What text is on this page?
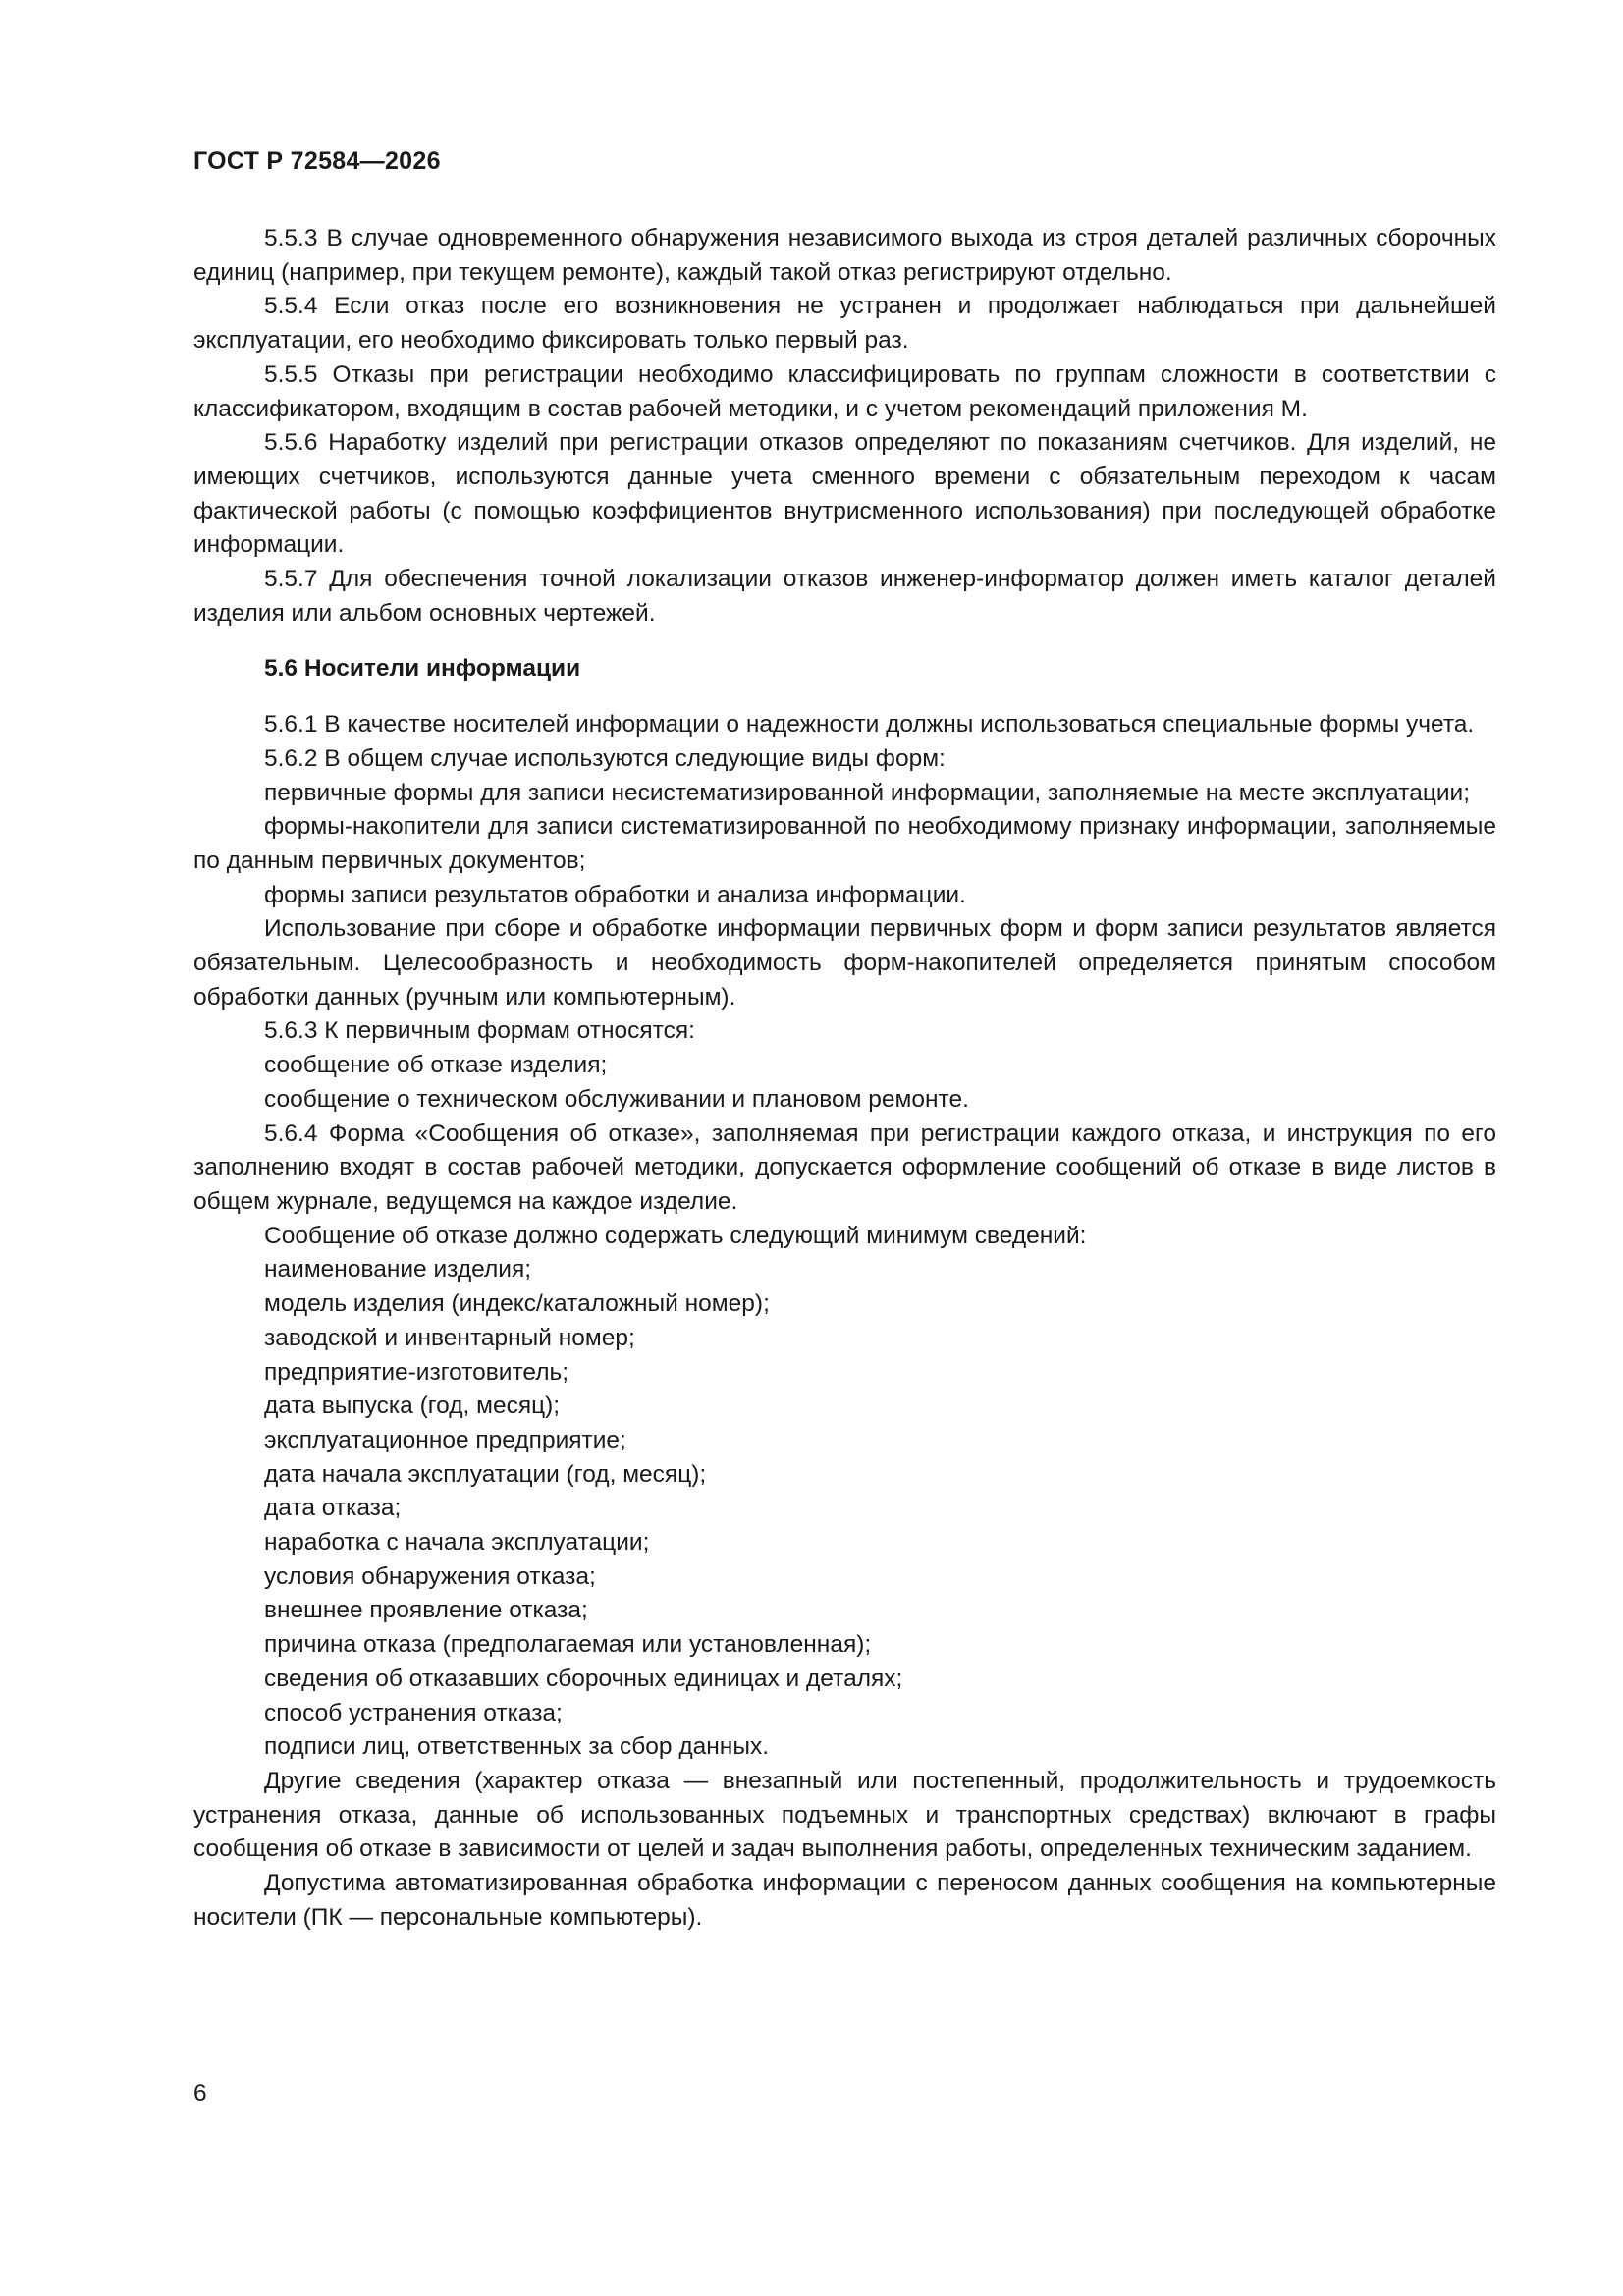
ГОСТ Р 72584—2026

5.5.3 В случае одновременного обнаружения независимого выхода из строя деталей различных сборочных единиц (например, при текущем ремонте), каждый такой отказ регистрируют отдельно.

5.5.4 Если отказ после его возникновения не устранен и продолжает наблюдаться при дальнейшей эксплуатации, его необходимо фиксировать только первый раз.

5.5.5 Отказы при регистрации необходимо классифицировать по группам сложности в соответствии с классификатором, входящим в состав рабочей методики, и с учетом рекомендаций приложения М.

5.5.6 Наработку изделий при регистрации отказов определяют по показаниям счетчиков. Для изделий, не имеющих счетчиков, используются данные учета сменного времени с обязательным переходом к часам фактической работы (с помощью коэффициентов внутрисменного использования) при последующей обработке информации.

5.5.7 Для обеспечения точной локализации отказов инженер-информатор должен иметь каталог деталей изделия или альбом основных чертежей.

5.6 Носители информации

5.6.1 В качестве носителей информации о надежности должны использоваться специальные формы учета.

5.6.2 В общем случае используются следующие виды форм:

первичные формы для записи несистематизированной информации, заполняемые на месте эксплуатации;

формы-накопители для записи систематизированной по необходимому признаку информации, заполняемые по данным первичных документов;

формы записи результатов обработки и анализа информации.

Использование при сборе и обработке информации первичных форм и форм записи результатов является обязательным. Целесообразность и необходимость форм-накопителей определяется принятым способом обработки данных (ручным или компьютерным).

5.6.3 К первичным формам относятся:

сообщение об отказе изделия;

сообщение о техническом обслуживании и плановом ремонте.

5.6.4 Форма «Сообщения об отказе», заполняемая при регистрации каждого отказа, и инструкция по его заполнению входят в состав рабочей методики, допускается оформление сообщений об отказе в виде листов в общем журнале, ведущемся на каждое изделие.

Сообщение об отказе должно содержать следующий минимум сведений:

наименование изделия;

модель изделия (индекс/каталожный номер);

заводской и инвентарный номер;

предприятие-изготовитель;

дата выпуска (год, месяц);

эксплуатационное предприятие;

дата начала эксплуатации (год, месяц);

дата отказа;

наработка с начала эксплуатации;

условия обнаружения отказа;

внешнее проявление отказа;

причина отказа (предполагаемая или установленная);

сведения об отказавших сборочных единицах и деталях;

способ устранения отказа;

подписи лиц, ответственных за сбор данных.

Другие сведения (характер отказа — внезапный или постепенный, продолжительность и трудоемкость устранения отказа, данные об использованных подъемных и транспортных средствах) включают в графы сообщения об отказе в зависимости от целей и задач выполнения работы, определенных техническим заданием.

Допустима автоматизированная обработка информации с переносом данных сообщения на компьютерные носители (ПК — персональные компьютеры).

6
